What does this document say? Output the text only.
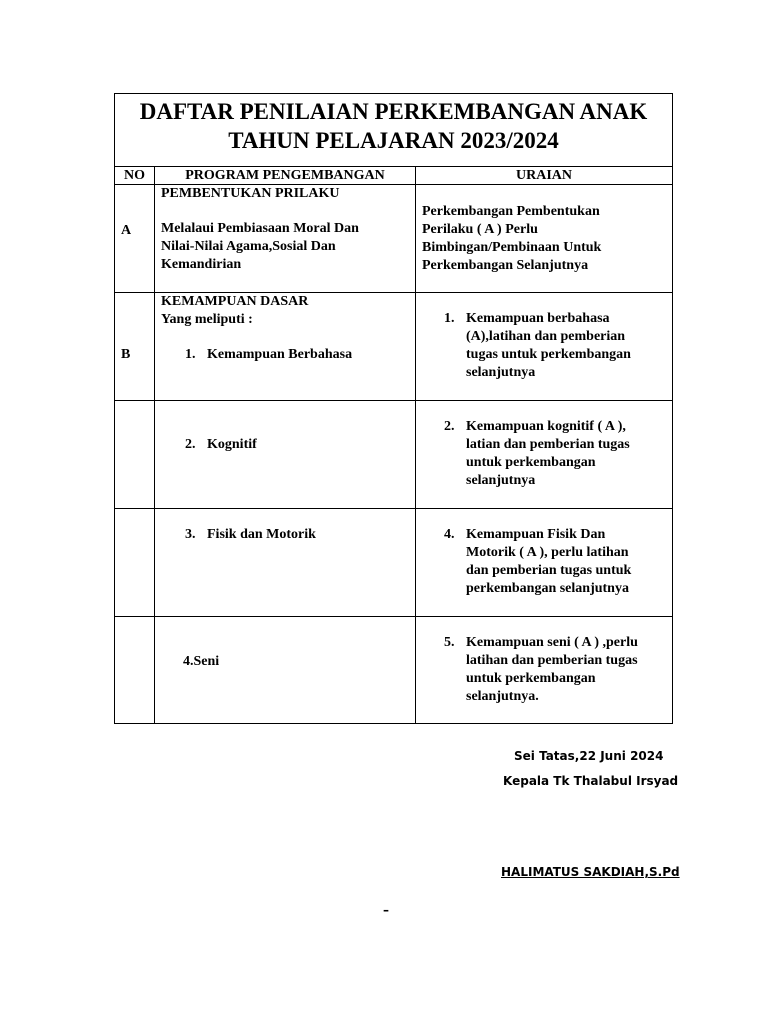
DAFTAR PENILAIAN PERKEMBANGAN ANAK
TAHUN PELAJARAN 2023/2024		

NO	PROGRAM PENGEMBANGAN	URAIAN

A	PEMBENTUKAN PRILAKU
Melalaui Pembiasaan Moral Dan
Nilai-Nilai Agama,Sosial Dan
Kemandirian	Perkembangan Pembentukan
Perilaku ( A ) Perlu
Bimbingan/Pembinaan Untuk
Perkembangan Selanjutnya

B	KEMAMPUAN DASAR
Yang meliputi :
1. Kemampuan Berbahasa	1. Kemampuan berbahasa
(A),latihan dan pemberian
tugas untuk perkembangan
selanjutnya

	2. Kognitif	2. Kemampuan kognitif ( A ),
latian dan pemberian tugas
untuk perkembangan
selanjutnya

	3. Fisik dan Motorik	4. Kemampuan Fisik Dan
Motorik ( A ), perlu latihan
dan pemberian tugas untuk
perkembangan selanjutnya

	4.Seni	5. Kemampuan seni ( A ) ,perlu
latihan dan pemberian tugas
untuk perkembangan
selanjutnya.
Sei Tatas,22 Juni 2024
Kepala Tk Thalabul Irsyad
HALIMATUS SAKDIAH,S.Pd
–
